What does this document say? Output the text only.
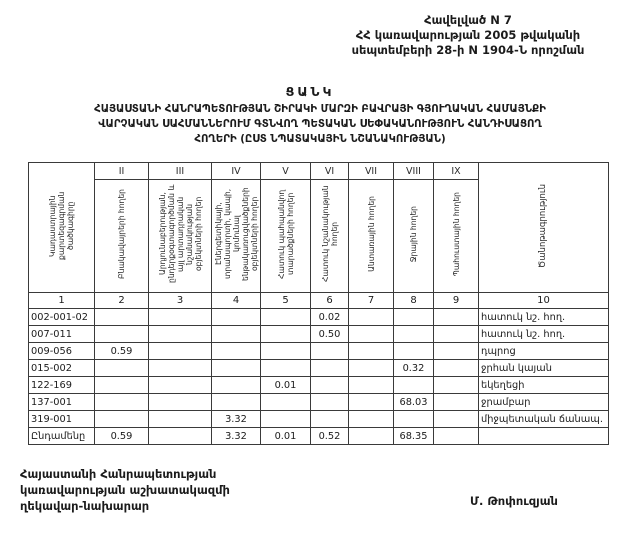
Հավելված N 7
ՀՀ կառավարության 2005 թվականի
սեպտեմբերի 28-ի N 1904-Ն որոշման
ՑԱՆԿ
ՀԱՅԱՍՏԱՆԻ ՀԱՆՐԱՊԵՏՈՒԹՅԱՆ ՇԻՐԱԿԻ ՄԱՐԶԻ ԲԱՎՐԱՅԻ ԳՅՈՒՂԱԿԱՆ ՀԱՄԱՅՆՔԻ
ՎԱՐՉԱԿԱՆ ՍԱՀՄԱՆՆԵՐՈՒՄ ԳՏՆՎՈՂ ՊԵՏԱԿԱՆ ՍԵՓԱԿԱՆՈՒԹՅՈՒՆ ՀԱՆԴԻՍԱՑՈՂ
ՀՈՂԵՐԻ (ԸՍՏ ՆՊԱՏԱԿԱՅԻՆ ՆՇԱՆԱԿՈՒԹՅԱՆ)
Կադաստրային քարտեզագրման ծածկագիրը	II	III	IV	V	VI	VII	VIII	IX	Ծանոթագրություն
	Բնակավայրերի հողեր	Արդյունաբերության, ընդերքօգտագործման և այլ արտադրական նշանակության օբյեկտների հողեր	Էներգետիկայի, տրանսպորտի, կապի, կոմունալ ենթակառուցվածքների օբյեկտների հողեր	Հատուկ պահպանվող տարածքների հողեր	Հատուկ նշանակության հողեր	Անտառային հողեր	Ջրային հողեր	Պահուստային հողեր	
1	2	3	4	5	6	7	8	9	10
002-001-02					0.02				հատուկ նշ. հող.
007-011					0.50				հատուկ նշ. հող.
009-056	0.59								դպրոց
015-002							0.32		ջրհան կայան
122-169				0.01					եկեղեցի
137-001							68.03		ջրամբար
319-001			3.32						միջպետական ճանապ.
Ընդամենը	0.59		3.32	0.01	0.52		68.35		
Հայաստանի Հանրապետության
կառավարության աշխատակազմի
ղեկավար-նախարար	Մ. Թոփուզյան
